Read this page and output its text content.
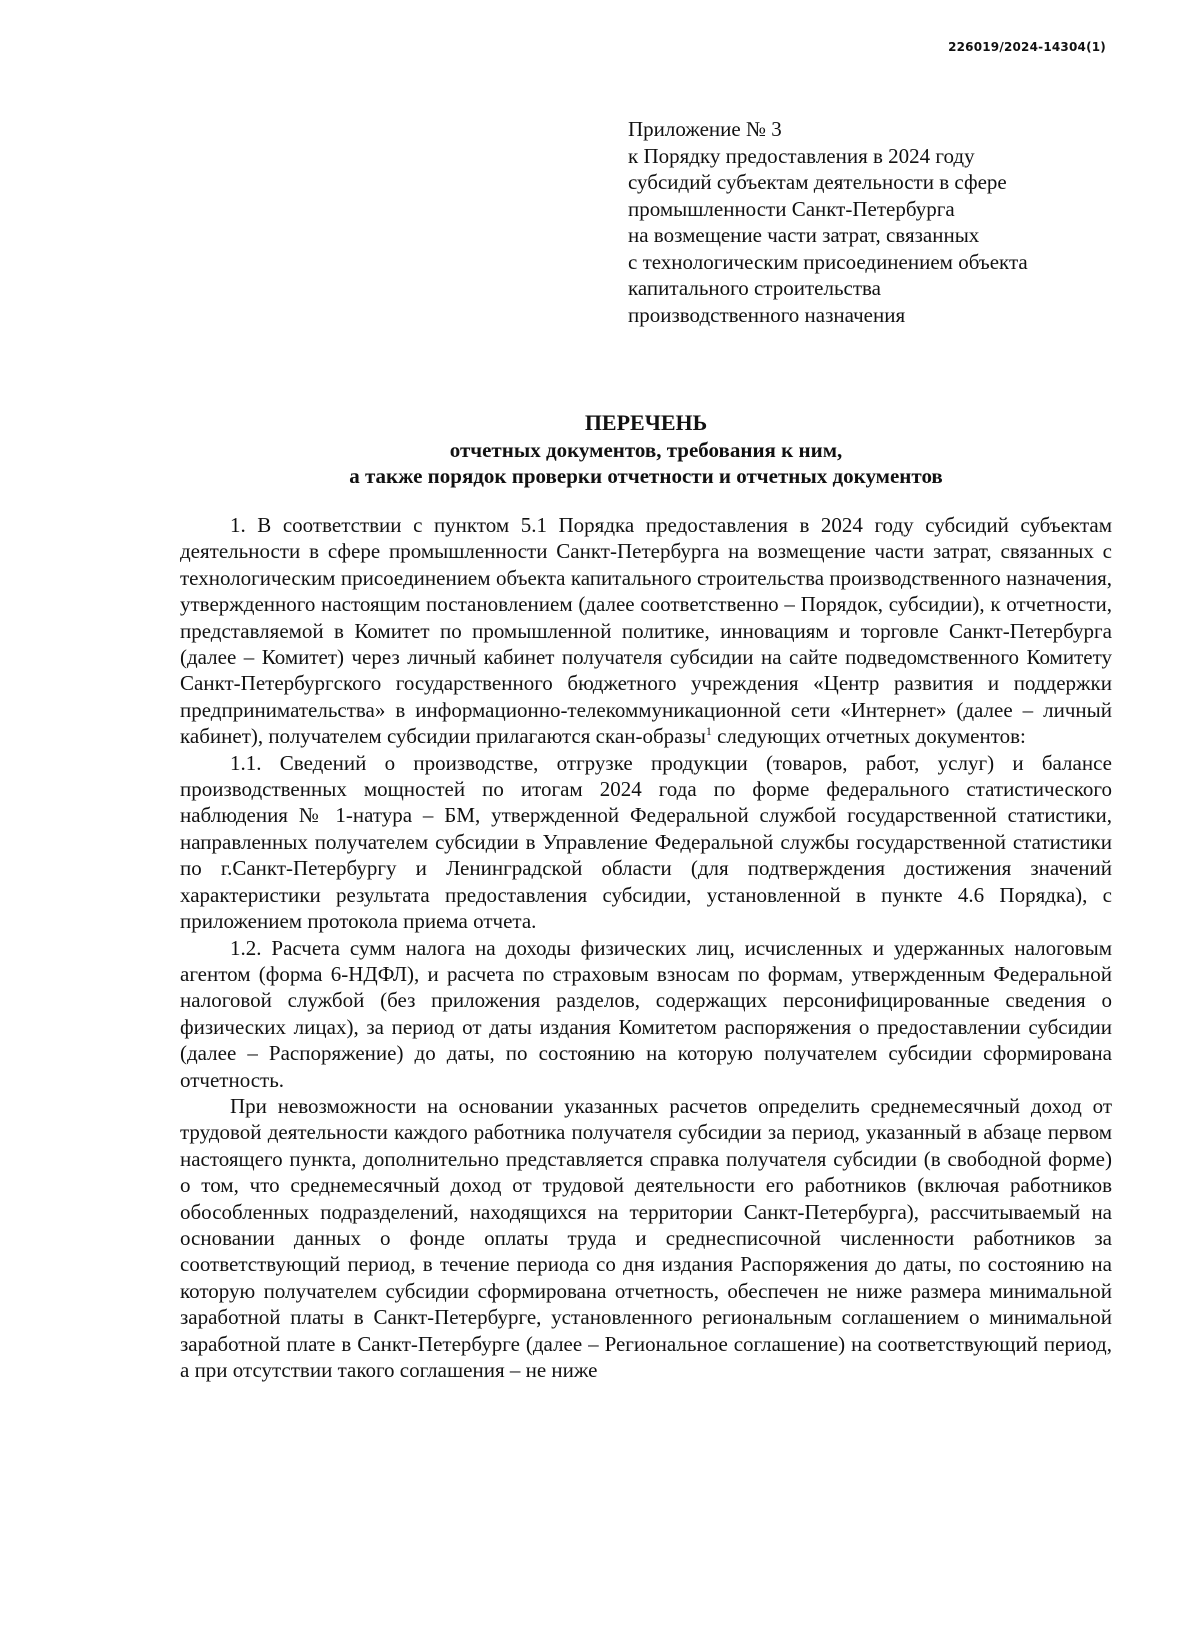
226019/2024-14304(1)
Приложение № 3
к Порядку предоставления в 2024 году
субсидий субъектам деятельности в сфере
промышленности Санкт-Петербурга
на возмещение части затрат, связанных
с технологическим присоединением объекта
капитального строительства
производственного назначения
ПЕРЕЧЕНЬ
отчетных документов, требования к ним,
а также порядок проверки отчетности и отчетных документов

1. В соответствии с пунктом 5.1 Порядка предоставления в 2024 году субсидий субъектам деятельности в сфере промышленности Санкт-Петербурга на возмещение части затрат, связанных с технологическим присоединением объекта капитального строительства производственного назначения, утвержденного настоящим постановлением (далее соответственно – Порядок, субсидии), к отчетности, представляемой в Комитет по промышленной политике, инновациям и торговле Санкт-Петербурга (далее – Комитет) через личный кабинет получателя субсидии на сайте подведомственного Комитету Санкт-Петербургского государственного бюджетного учреждения «Центр развития и поддержки предпринимательства» в информационно-телекоммуникационной сети «Интернет» (далее – личный кабинет), получателем субсидии прилагаются скан-образы$^1$ следующих отчетных документов:

1.1. Сведений о производстве, отгрузке продукции (товаров, работ, услуг) и балансе производственных мощностей по итогам 2024 года по форме федерального статистического наблюдения № 1-натура – БМ, утвержденной Федеральной службой государственной статистики, направленных получателем субсидии в Управление Федеральной службы государственной статистики по г.Санкт-Петербургу и Ленинградской области (для подтверждения достижения значений характеристики результата предоставления субсидии, установленной в пункте 4.6 Порядка), с приложением протокола приема отчета.

1.2. Расчета сумм налога на доходы физических лиц, исчисленных и удержанных налоговым агентом (форма 6-НДФЛ), и расчета по страховым взносам по формам, утвержденным Федеральной налоговой службой (без приложения разделов, содержащих персонифицированные сведения о физических лицах), за период от даты издания Комитетом распоряжения о предоставлении субсидии (далее – Распоряжение) до даты, по состоянию на которую получателем субсидии сформирована отчетность.

При невозможности на основании указанных расчетов определить среднемесячный доход от трудовой деятельности каждого работника получателя субсидии за период, указанный в абзаце первом настоящего пункта, дополнительно представляется справка получателя субсидии (в свободной форме) о том, что среднемесячный доход от трудовой деятельности его работников (включая работников обособленных подразделений, находящихся на территории Санкт-Петербурга), рассчитываемый на основании данных о фонде оплаты труда и среднесписочной численности работников за соответствующий период, в течение периода со дня издания Распоряжения до даты, по состоянию на которую получателем субсидии сформирована отчетность, обеспечен не ниже размера минимальной заработной платы в Санкт-Петербурге, установленного региональным соглашением о минимальной заработной плате в Санкт-Петербурге (далее – Региональное соглашение) на соответствующий период, а при отсутствии такого соглашения – не ниже
